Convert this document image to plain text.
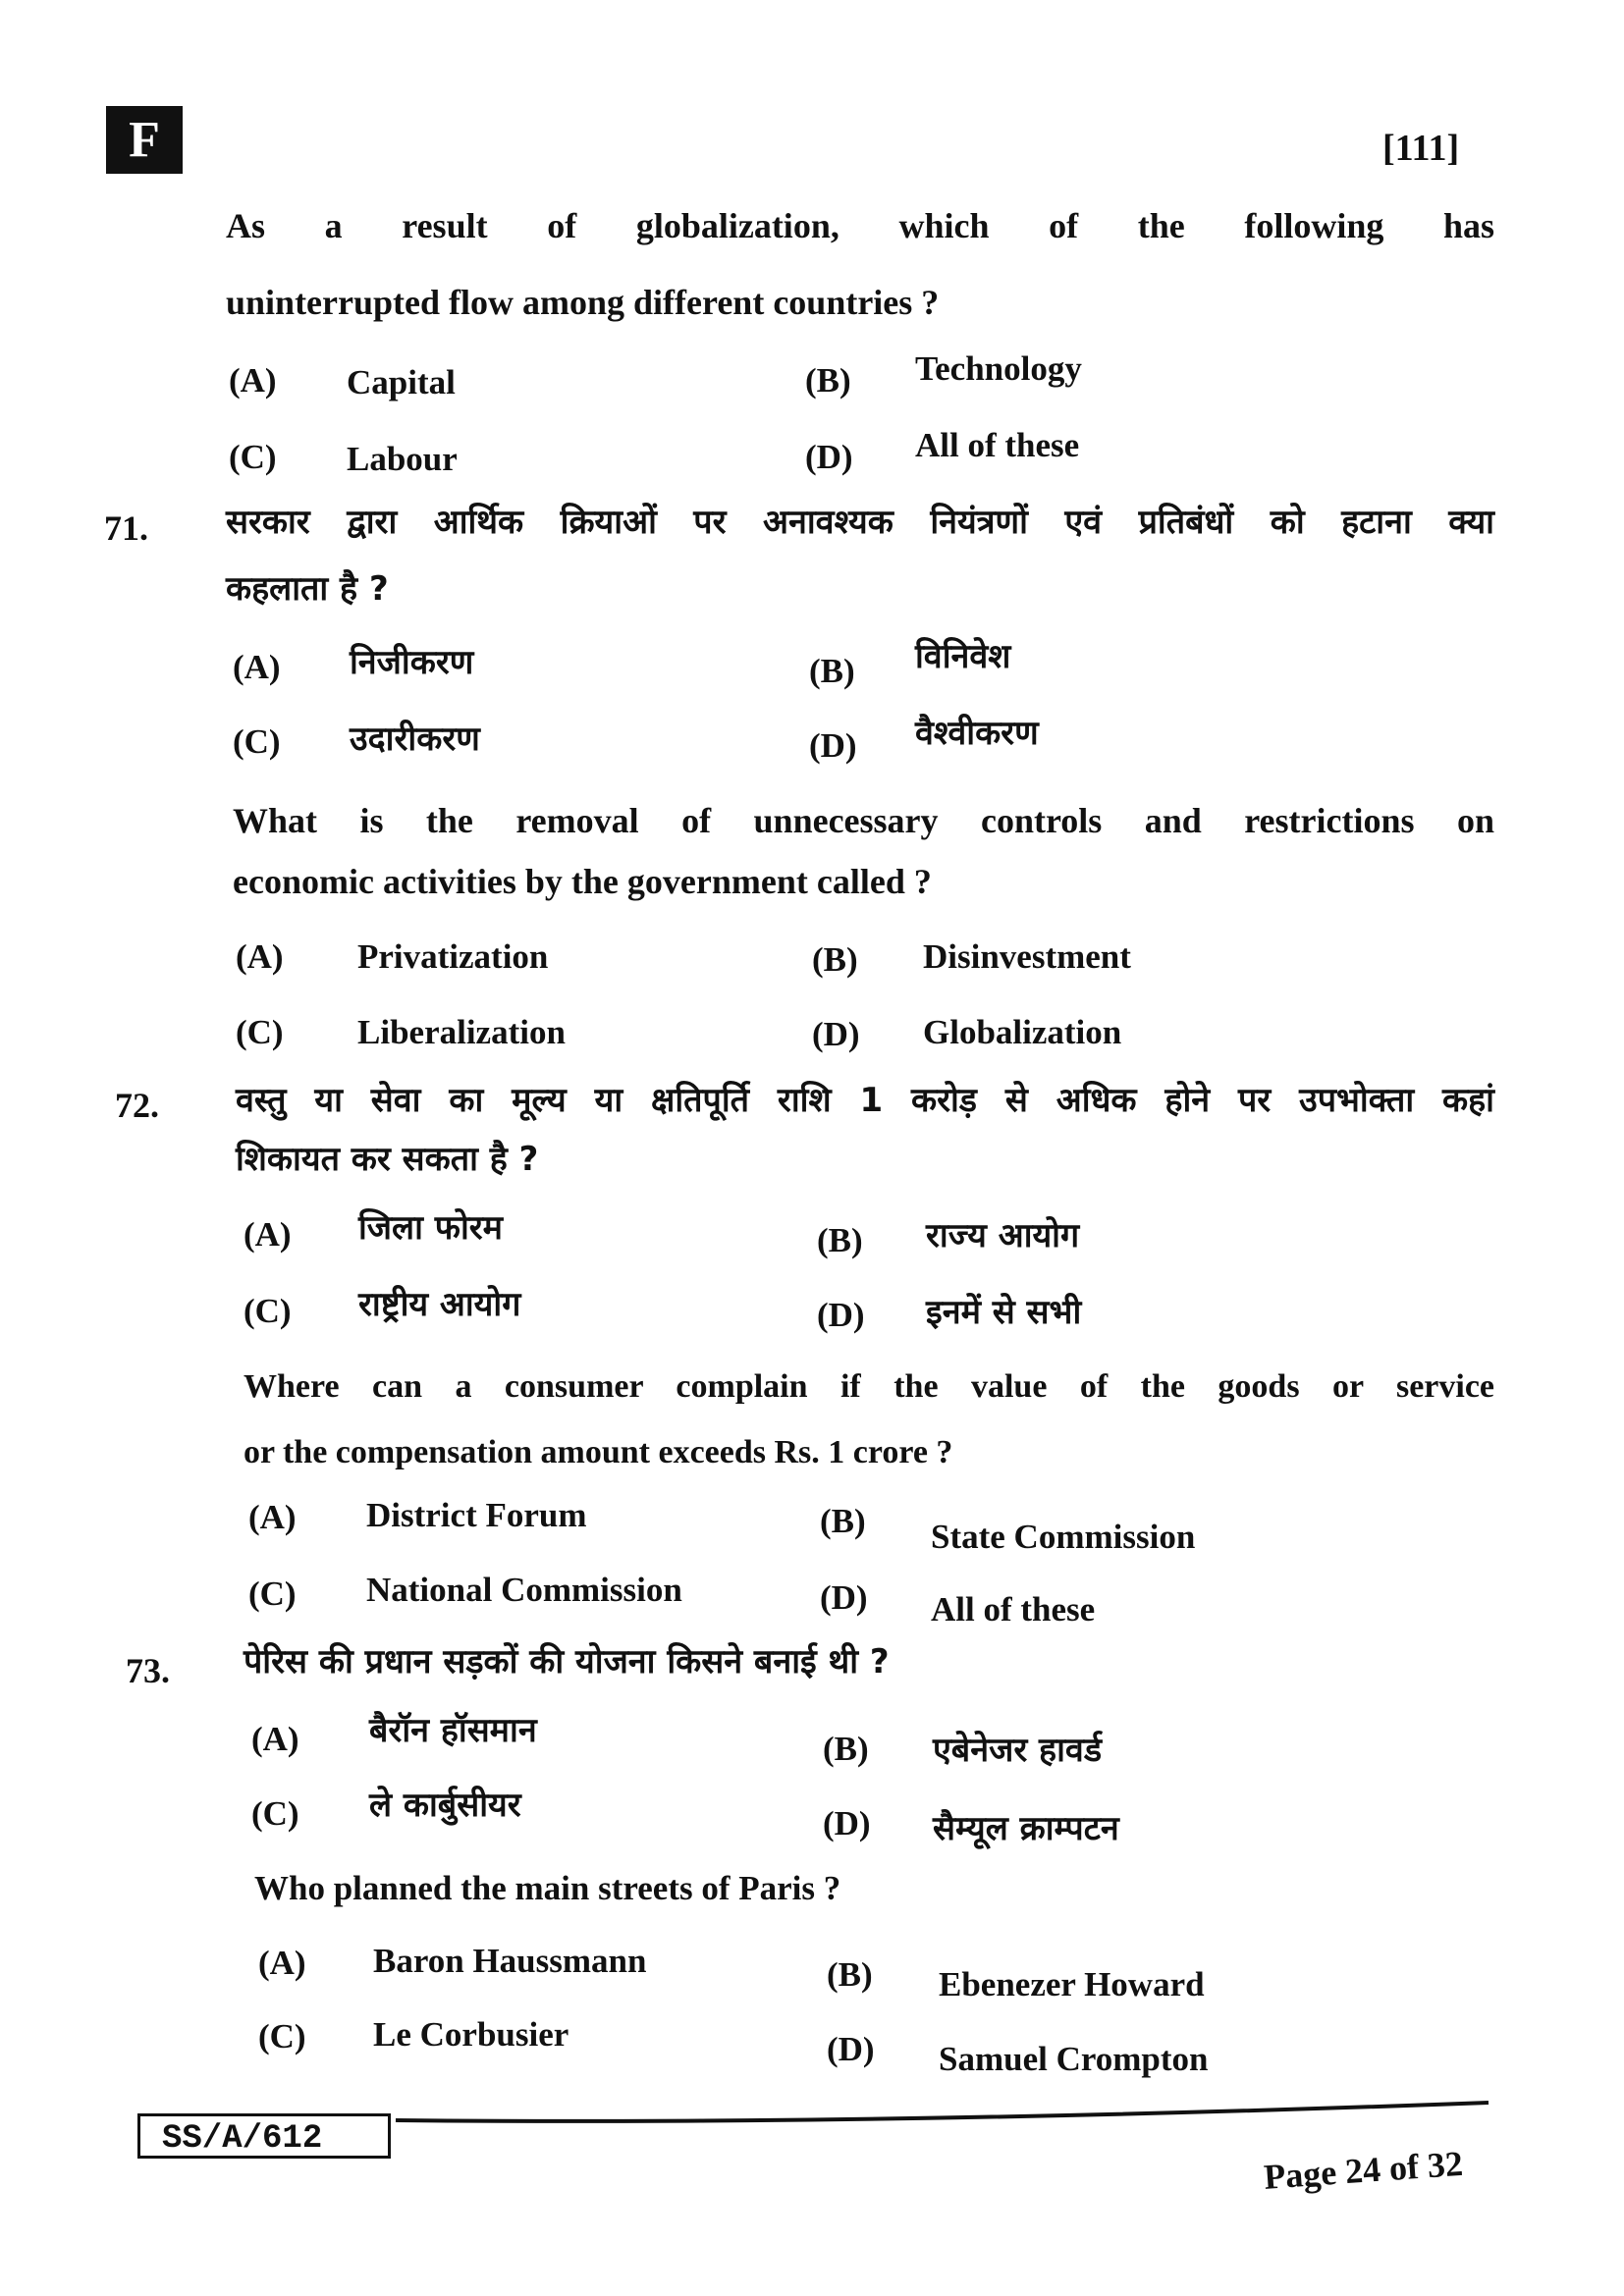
F	[111]
As a result of globalization, which of the following has
uninterrupted flow among different countries ?
(A) Capital	(B) Technology
(C) Labour	(D) All of these
71. सरकार द्वारा आर्थिक क्रियाओं पर अनावश्यक नियंत्रणों एवं प्रतिबंधों को हटाना क्या
कहलाता है ?
(A) निजीकरण	(B) विनिवेश
(C) उदारीकरण	(D) वैश्वीकरण
What is the removal of unnecessary controls and restrictions on
economic activities by the government called ?
(A) Privatization	(B) Disinvestment
(C) Liberalization	(D) Globalization
72. वस्तु या सेवा का मूल्य या क्षतिपूर्ति राशि 1 करोड़ से अधिक होने पर उपभोक्ता कहां
शिकायत कर सकता है ?
(A) जिला फोरम	(B) राज्य आयोग
(C) राष्ट्रीय आयोग	(D) इनमें से सभी
Where can a consumer complain if the value of the goods or service
or the compensation amount exceeds Rs. 1 crore ?
(A) District Forum	(B) State Commission
(C) National Commission	(D) All of these
73. पेरिस की प्रधान सड़कों की योजना किसने बनाई थी ?
(A) बैरॉन हॉसमान	(B) एबेनेजर हावर्ड
(C) ले कार्बुसीयर	(D) सैम्यूल क्राम्पटन
Who planned the main streets of Paris ?
(A) Baron Haussmann	(B) Ebenezer Howard
(C) Le Corbusier	(D) Samuel Crompton
SS/A/612
Page 24 of 32
